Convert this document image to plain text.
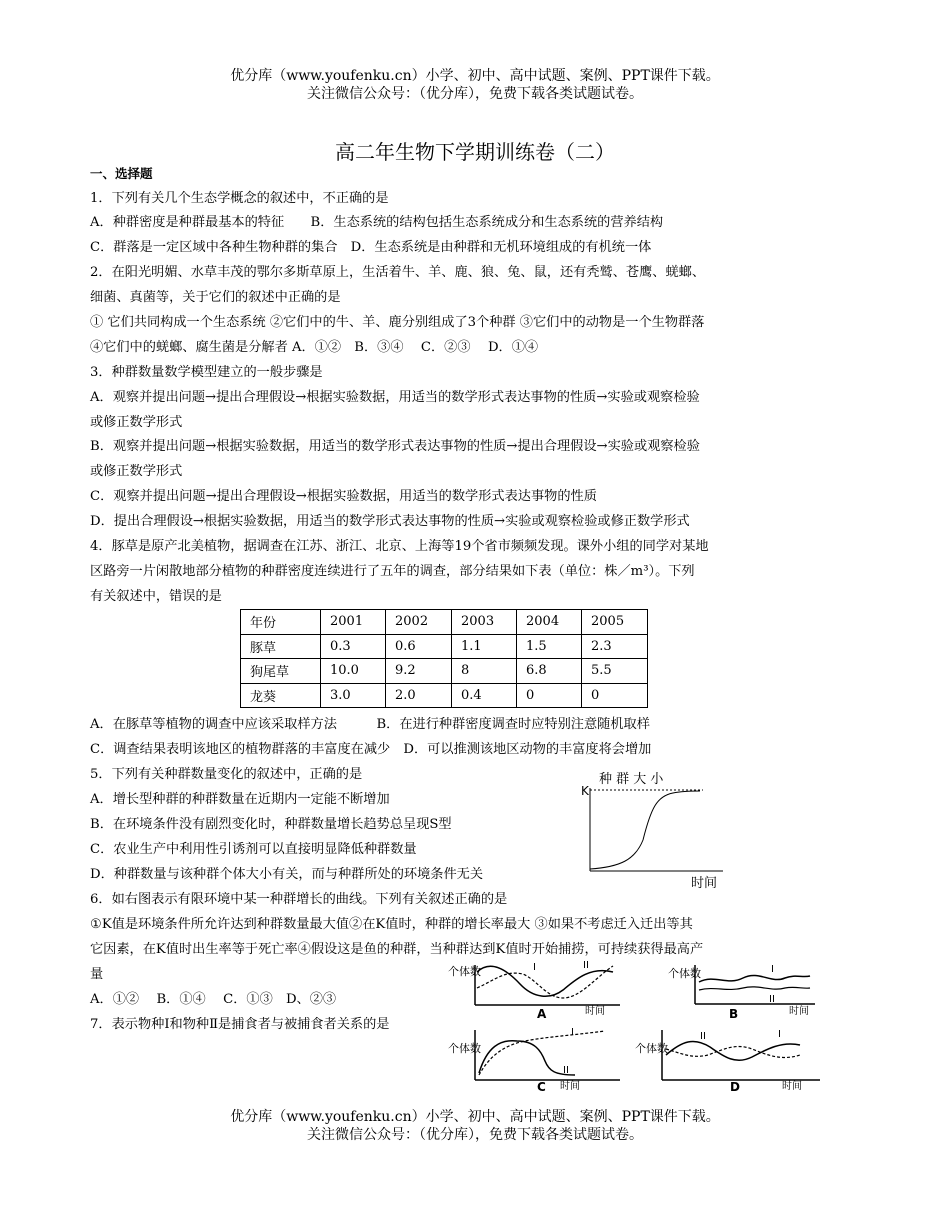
优分库（www.youfenku.cn）小学、初中、高中试题、案例、PPT课件下载。
关注微信公众号：（优分库），免费下载各类试题试卷。
高二年生物下学期训练卷（二）
一、选择题
1．下列有关几个生态学概念的叙述中，不正确的是
A．种群密度是种群最基本的特征　　B．生态系统的结构包括生态系统成分和生态系统的营养结构
C．群落是一定区域中各种生物种群的集合　D．生态系统是由种群和无机环境组成的有机统一体
2．在阳光明媚、水草丰茂的鄂尔多斯草原上，生活着牛、羊、鹿、狼、兔、鼠，还有秃鹫、苍鹰、蜣螂、
细菌、真菌等，关于它们的叙述中正确的是
① 它们共同构成一个生态系统 ②它们中的牛、羊、鹿分别组成了3个种群 ③它们中的动物是一个生物群落
④它们中的蜣螂、腐生菌是分解者 A．①②　B．③④　 C．②③　 D．①④
3．种群数量数学模型建立的一般步骤是
A．观察并提出问题→提出合理假设→根据实验数据，用适当的数学形式表达事物的性质→实验或观察检验
或修正数学形式
B．观察并提出问题→根据实验数据，用适当的数学形式表达事物的性质→提出合理假设→实验或观察检验
或修正数学形式
C．观察并提出问题→提出合理假设→根据实验数据，用适当的数学形式表达事物的性质
D．提出合理假设→根据实验数据，用适当的数学形式表达事物的性质→实验或观察检验或修正数学形式
4．豚草是原产北美植物，据调查在江苏、浙江、北京、上海等19个省市频频发现。课外小组的同学对某地
区路旁一片闲散地部分植物的种群密度连续进行了五年的调查，部分结果如下表（单位：株／m³）。下列
有关叙述中，错误的是
年份	2001	2002	2003	2004	2005
豚草	0.3	0.6	1.1	1.5	2.3
狗尾草	10.0	9.2	8	6.8	5.5
龙葵	3.0	2.0	0.4	0	0
A．在豚草等植物的调查中应该采取样方法　　　B．在进行种群密度调查时应特别注意随机取样
C．调查结果表明该地区的植物群落的丰富度在减少　D．可以推测该地区动物的丰富度将会增加
5．下列有关种群数量变化的叙述中，正确的是
A．增长型种群的种群数量在近期内一定能不断增加
B．在环境条件没有剧烈变化时，种群数量增长趋势总呈现S型
C．农业生产中利用性引诱剂可以直接明显降低种群数量
D．种群数量与该种群个体大小有关，而与种群所处的环境条件无关
种 群 大 小
K
时间
6．如右图表示有限环境中某一种群增长的曲线。下列有关叙述正确的是
①K值是环境条件所允许达到种群数量最大值②在K值时，种群的增长率最大 ③如果不考虑迁入迁出等其
它因素，在K值时出生率等于死亡率④假设这是鱼的种群，当种群达到K值时开始捕捞，可持续获得最高产
量
A．①②　 B．①④　 C．①③　D、②③
7．表示物种Ⅰ和物种Ⅱ是捕食者与被捕食者关系的是
个体数	I	II
时间
A
个体数	I
II
时间
B
个体数
I
II
C 时间
个体数
I
II
D	时间
优分库（www.youfenku.cn）小学、初中、高中试题、案例、PPT课件下载。
关注微信公众号：（优分库），免费下载各类试题试卷。
